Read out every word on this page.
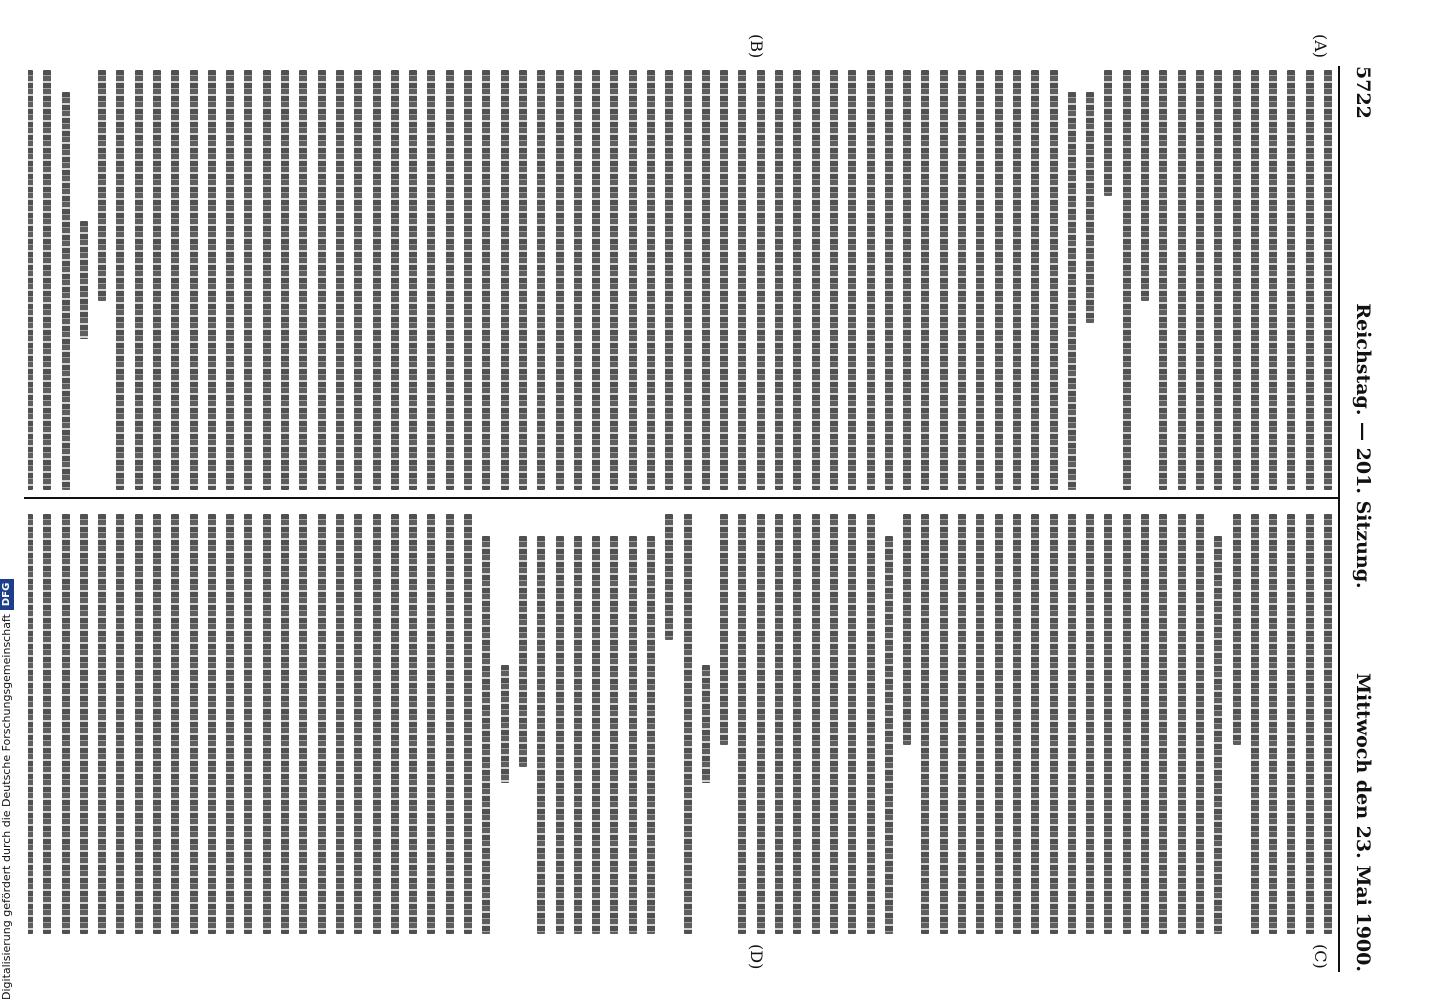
5722
Reichstag. — 201. Sitzung.
Mittwoch den 23. Mai 1900.
(A)
(B)
(C)
(D)
Digitalisierung gefördert durch die Deutsche Forschungsgemeinschaft
DFG
